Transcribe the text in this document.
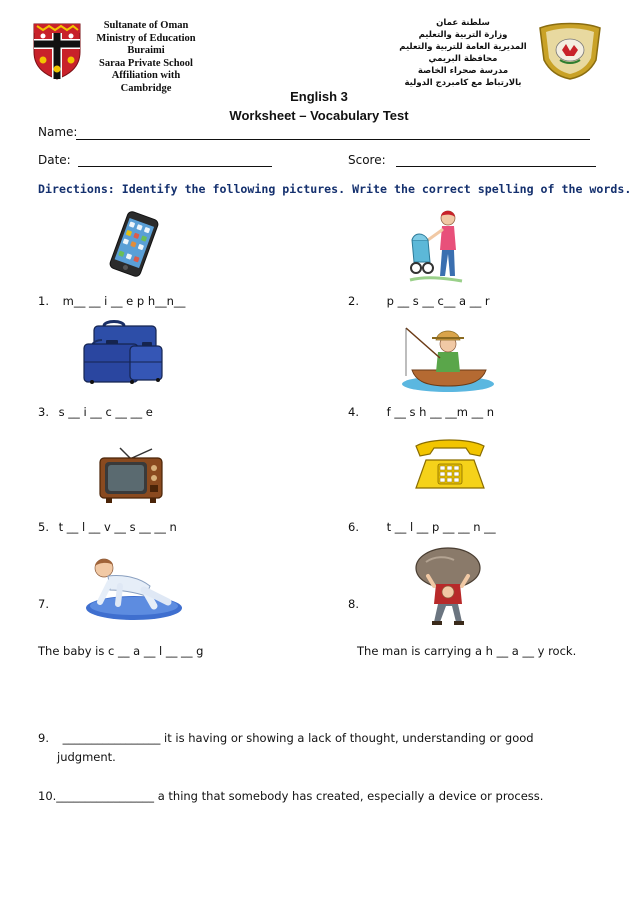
Sultanate of Oman
Ministry of Education
Buraimi
Saraa Private School
Affiliation with Cambridge
سلطنة عمان
وزارة التربية والتعليم
المديرية العامة للتربية والتعليم
محافظة البريمي
مدرسة صحراء الخاصة
بالارتباط مع كامبردج الدولية
English 3
Worksheet – Vocabulary Test
Name:
Date:	Score:
Directions: Identify the following pictures. Write the correct spelling of the words.
1. m__ __ i __ e p h__n__	2. p __ s __ c__ a __ r
3. s __ i __ c __ __ e	4. f __ s h __ __m __ n
5. t __ l __ v __ s __ __ n	6. t __ l __ p __ __ n __
7.	8.
The baby is c __ a __ l __ __ g	The man is carrying a h __ a __ y rock.
9. _________________ it is having or showing a lack of thought, understanding or good
judgment.
10._________________ a thing that somebody has created, especially a device or process.
